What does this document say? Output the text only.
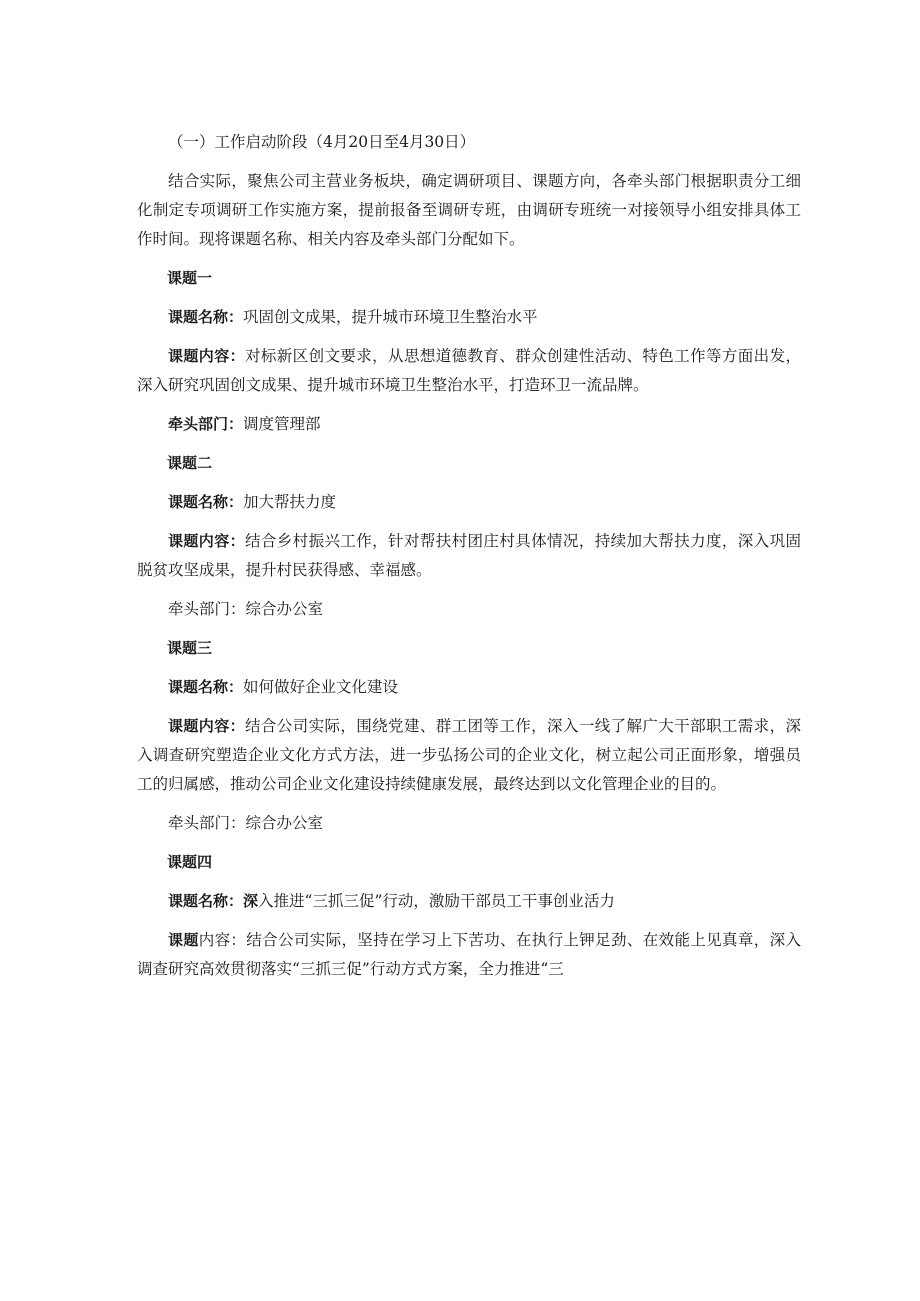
（一）工作启动阶段（4月20日至4月30日）

结合实际，聚焦公司主营业务板块，确定调研项目、课题方向，各牵头部门根据职责分工细化制定专项调研工作实施方案，提前报备至调研专班，由调研专班统一对接领导小组安排具体工作时间。现将课题名称、相关内容及牵头部门分配如下。

课题一

课题名称：巩固创文成果，提升城市环境卫生整治水平

课题内容：对标新区创文要求，从思想道德教育、群众创建性活动、特色工作等方面出发，深入研究巩固创文成果、提升城市环境卫生整治水平，打造环卫一流品牌。

牵头部门：调度管理部

课题二

课题名称：加大帮扶力度

课题内容：结合乡村振兴工作，针对帮扶村团庄村具体情况，持续加大帮扶力度，深入巩固脱贫攻坚成果，提升村民获得感、幸福感。

牵头部门：综合办公室

课题三

课题名称：如何做好企业文化建设

课题内容：结合公司实际，围绕党建、群工团等工作，深入一线了解广大干部职工需求，深入调查研究塑造企业文化方式方法，进一步弘扬公司的企业文化，树立起公司正面形象，增强员工的归属感，推动公司企业文化建设持续健康发展，最终达到以文化管理企业的目的。

牵头部门：综合办公室

课题四

课题名称：深入推进“三抓三促”行动，激励干部员工干事创业活力

课题内容：结合公司实际，坚持在学习上下苦功、在执行上钾足劲、在效能上见真章，深入调查研究高效贯彻落实“三抓三促”行动方式方案，全力推进“三
